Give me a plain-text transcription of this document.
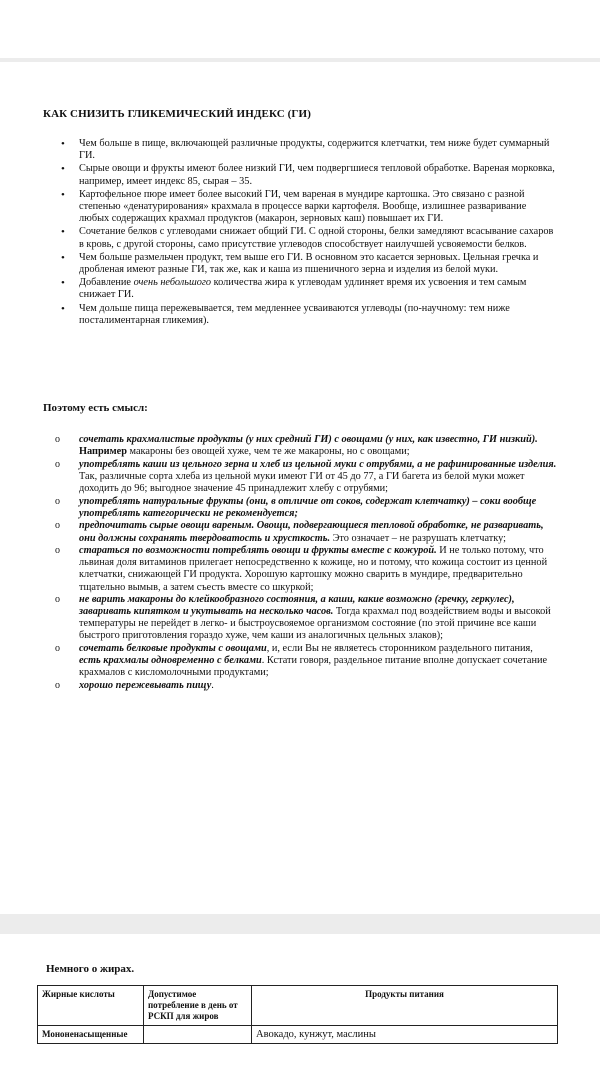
КАК СНИЗИТЬ ГЛИКЕМИЧЕСКИЙ ИНДЕКС (ГИ)
• Чем больше в пище, включающей различные продукты, содержится клетчатки, тем ниже будет суммарный ГИ.
• Сырые овощи и фрукты имеют более низкий ГИ, чем подвергшиеся тепловой обработке. Вареная морковка, например, имеет индекс 85, сырая – 35.
• Картофельное пюре имеет более высокий ГИ, чем вареная в мундире картошка. Это связано с разной степенью «денатурирования» крахмала в процессе варки картофеля. Вообще, излишнее разваривание любых содержащих крахмал продуктов (макарон, зерновых каш) повышает их ГИ.
• Сочетание белков с углеводами снижает общий ГИ. С одной стороны, белки замедляют всасывание сахаров в кровь, с другой стороны, само присутствие углеводов способствует наилучшей усвояемости белков.
• Чем больше размельчен продукт, тем выше его ГИ. В основном это касается зерновых. Цельная гречка и дробленая имеют разные ГИ, так же, как и каша из пшеничного зерна и изделия из белой муки.
• Добавление очень небольшого количества жира к углеводам удлиняет время их усвоения и тем самым снижает ГИ.
• Чем дольше пища пережевывается, тем медленнее усваиваются углеводы (по-научному: тем ниже постaлиментарная гликемия).
Поэтому есть смысл:
o сочетать крахмалистые продукты (у них средний ГИ) с овощами (у них, как известно, ГИ низкий). Например макароны без овощей хуже, чем те же макароны, но с овощами;
o употреблять каши из цельного зерна и хлеб из цельной муки с отрубями, а не рафинированные изделия. Так, различные сорта хлеба из цельной муки имеют ГИ от 45 до 77, а ГИ багета из белой муки может доходить до 96; выгодное значение 45 принадлежит хлебу с отрубями;
o употреблять натуральные фрукты (они, в отличие от соков, содержат клетчатку) – соки вообще употреблять категорически не рекомендуется;
o предпочитать сырые овощи вареным. Овощи, подвергающиеся тепловой обработке, не разваривать, они должны сохранять твердоватость и хрусткость. Это означает – не разрушать клетчатку;
o стараться по возможности потреблять овощи и фрукты вместе с кожурой. И не только потому, что львиная доля витаминов прилегает непосредственно к кожице, но и потому, что кожица состоит из ценной клетчатки, снижающей ГИ продукта. Хорошую картошку можно сварить в мундире, предварительно тщательно вымыв, а затем съесть вместе со шкуркой;
o не варить макароны до клейкообразного состояния, а каши, какие возможно (гречку, геркулес), заваривать кипятком и укутывать на несколько часов. Тогда крахмал под воздействием воды и высокой температуры не перейдет в легко- и быстроусвояемое организмом состояние (по этой причине все каши быстрого приготовления гораздо хуже, чем каши из аналогичных цельных злаков);
o сочетать белковые продукты с овощами, и, если Вы не являетесь сторонником раздельного питания, есть крахмалы одновременно с белками. Кстати говоря, раздельное питание вполне допускает сочетание крахмалов с кисломолочными продуктами;
o хорошо пережевывать пищу.
Немного о жирах.
Жирные кислоты	Допустимое потребление в день от РСКП для жиров	Продукты питания
Мононенасыщенные		Авокадо, кунжут, маслины
